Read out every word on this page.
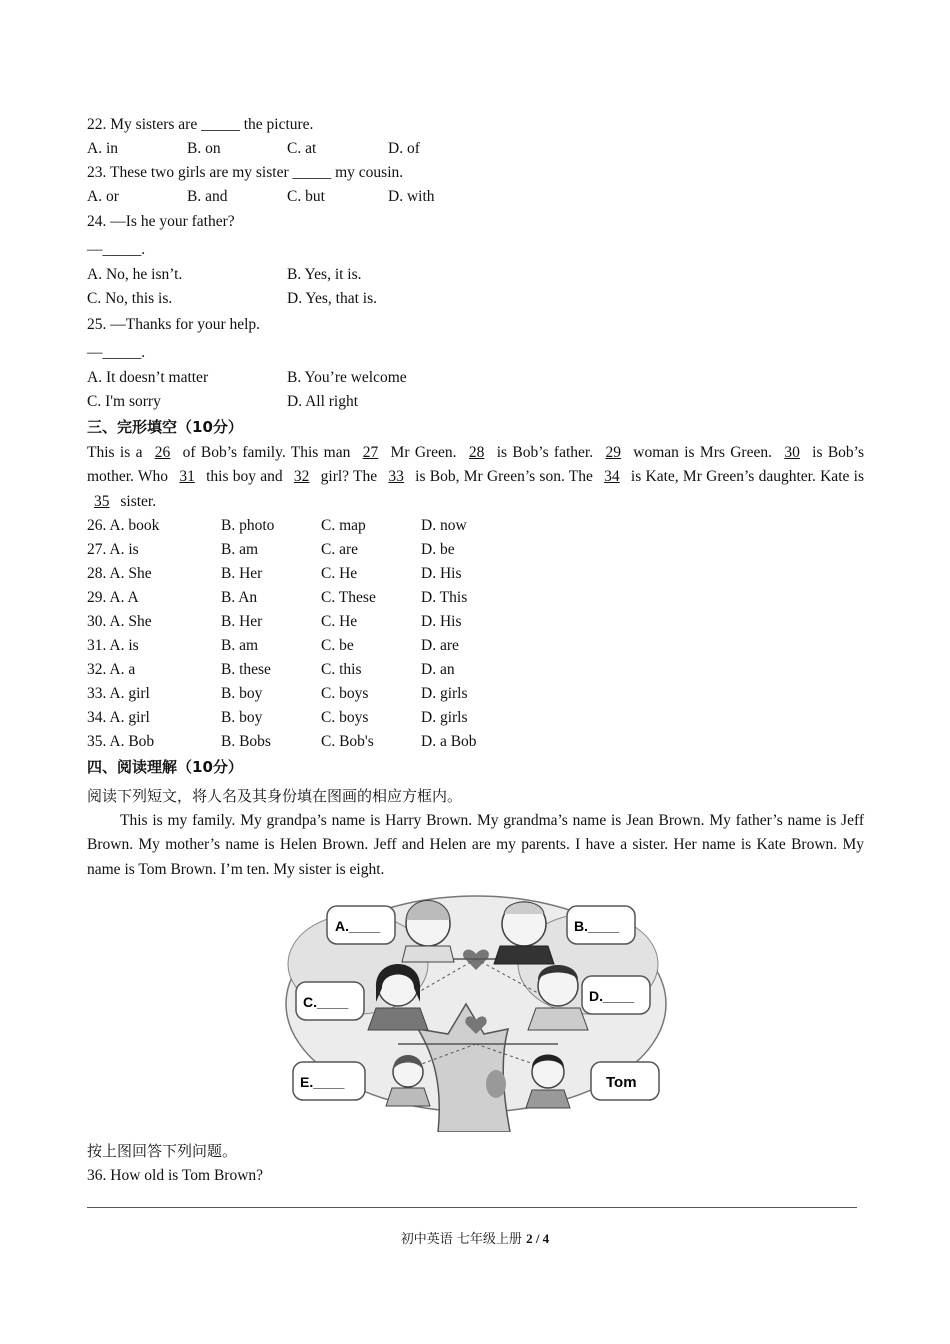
22. My sisters are _____ the picture.
A. in	B. on	C. at	D. of
23. These two girls are my sister _____ my cousin.
A. or	B. and	C. but	D. with
24. —Is he your father?
—_____.
A. No, he isn’t.	B. Yes, it is.
C. No, this is.	D. Yes, that is.
25. —Thanks for your help.
—_____.
A. It doesn’t matter	B. You’re welcome
C. I'm sorry	D. All right
三、完形填空（10分）
This is a 26 of Bob’s family. This man 27 Mr Green. 28 is Bob’s father. 29 woman is Mrs Green. 30 is Bob’s mother. Who 31 this boy and 32 girl? The 33 is Bob, Mr Green’s son. The 34 is Kate, Mr Green’s daughter. Kate is 35 sister.
26. A. book	B. photo	C. map	D. now
27. A. is	B. am	C. are	D. be
28. A. She	B. Her	C. He	D. His
29. A. A	B. An	C. These	D. This
30. A. She	B. Her	C. He	D. His
31. A. is	B. am	C. be	D. are
32. A. a	B. these	C. this	D. an
33. A. girl	B. boy	C. boys	D. girls
34. A. girl	B. boy	C. boys	D. girls
35. A. Bob	B. Bobs	C. Bob's	D. a Bob
四、阅读理解（10分）
阅读下列短文，将人名及其身份填在图画的相应方框内。
This is my family. My grandpa’s name is Harry Brown. My grandma’s name is Jean Brown. My father’s name is Jeff Brown. My mother’s name is Helen Brown. Jeff and Helen are my parents. I have a sister. Her name is Kate Brown. My name is Tom Brown. I’m ten. My sister is eight.
A.____	B.____
C.____	D.____
E.____	Tom
按上图回答下列问题。
36. How old is Tom Brown?
初中英语 七年级上册 2 / 4
